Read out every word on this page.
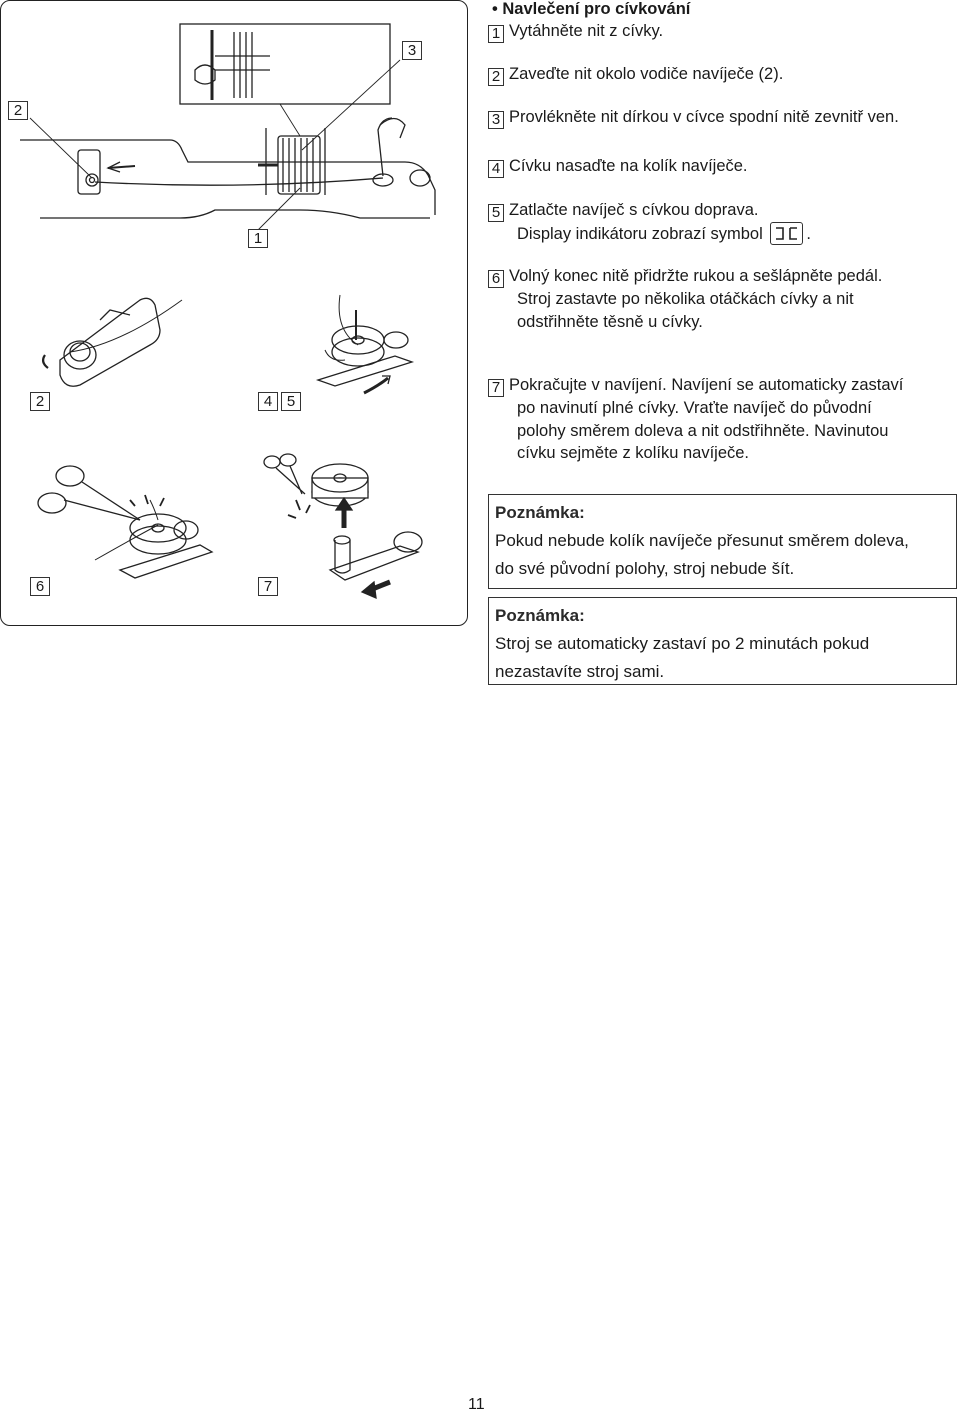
2
3
1
2	4 5
6	7
• Navlečení pro cívkování
1 Vytáhněte nit z cívky.
2 Zaveďte nit okolo vodiče navíječe (2).
3 Provlékněte nit dírkou v cívce spodní nitě zevnitř ven.
4 Cívku nasaďte na kolík navíječe.
5 Zatlačte navíječ s cívkou doprava.
Display indikátoru zobrazí symbol	.
6 Volný konec nitě přidržte rukou a sešlápněte pedál.
Stroj zastavte po několika otáčkách cívky a nit
odstřihněte těsně u cívky.
7 Pokračujte v navíjení. Navíjení se automaticky zastaví
po navinutí plné cívky. Vraťte navíječ do původní
polohy směrem doleva a nit odstřihněte. Navinutou
cívku sejměte z kolíku navíječe.
Poznámka:
Pokud nebude kolík navíječe přesunut směrem doleva,
do své původní polohy, stroj nebude šít.
Poznámka:
Stroj se automaticky zastaví po 2 minutách pokud
nezastavíte stroj sami.
11
